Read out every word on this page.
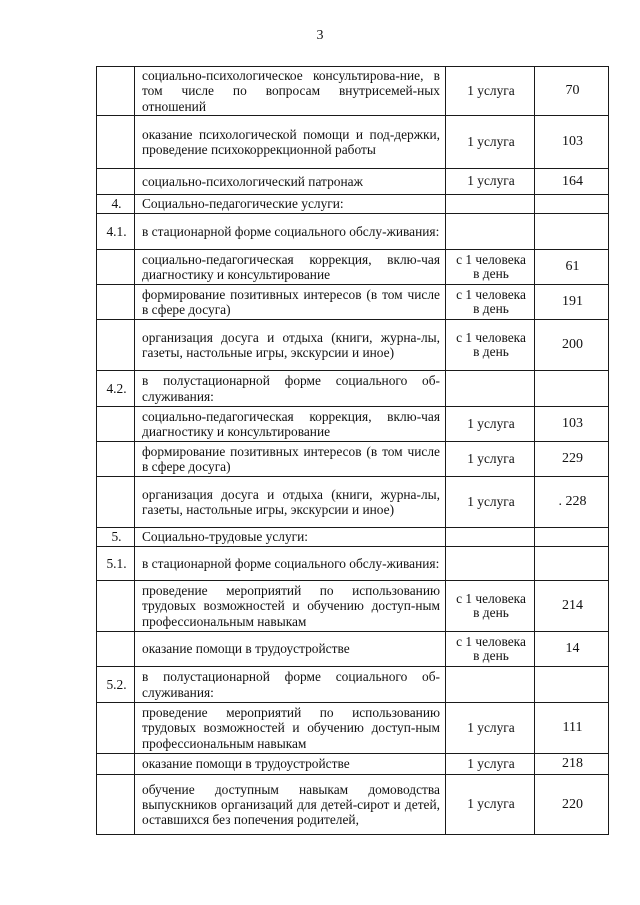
3
	социально-психологическое консультирова-ние, в том числе по вопросам внутрисемей-ных отношений	1 услуга	70
	оказание психологической помощи и под-держки, проведение психокоррекционной работы	1 услуга	103
	социально-психологический патронаж	1 услуга	164
4.	Социально-педагогические услуги:		
4.1.	в стационарной форме социального обслу-живания:		
	социально-педагогическая коррекция, вклю-чая диагностику и консультирование	с 1 человека в день	61
	формирование позитивных интересов (в том числе в сфере досуга)	с 1 человека в день	191
	организация досуга и отдыха (книги, журна-лы, газеты, настольные игры, экскурсии и иное)	с 1 человека в день	200
4.2.	в полустационарной форме социального об-служивания:		
	социально-педагогическая коррекция, вклю-чая диагностику и консультирование	1 услуга	103
	формирование позитивных интересов (в том числе в сфере досуга)	1 услуга	229
	организация досуга и отдыха (книги, журна-лы, газеты, настольные игры, экскурсии и иное)	1 услуга	. 228
5.	Социально-трудовые услуги:		
5.1.	в стационарной форме социального обслу-живания:		
	проведение мероприятий по использованию трудовых возможностей и обучению доступ-ным профессиональным навыкам	с 1 человека в день	214
	оказание помощи в трудоустройстве	с 1 человека в день	14
5.2.	в полустационарной форме социального об-служивания:		
	проведение мероприятий по использованию трудовых возможностей и обучению доступ-ным профессиональным навыкам	1 услуга	111
	оказание помощи в трудоустройстве	1 услуга	218
	обучение доступным навыкам домоводства выпускников организаций для детей-сирот и детей, оставшихся без попечения родителей,	1 услуга	220
